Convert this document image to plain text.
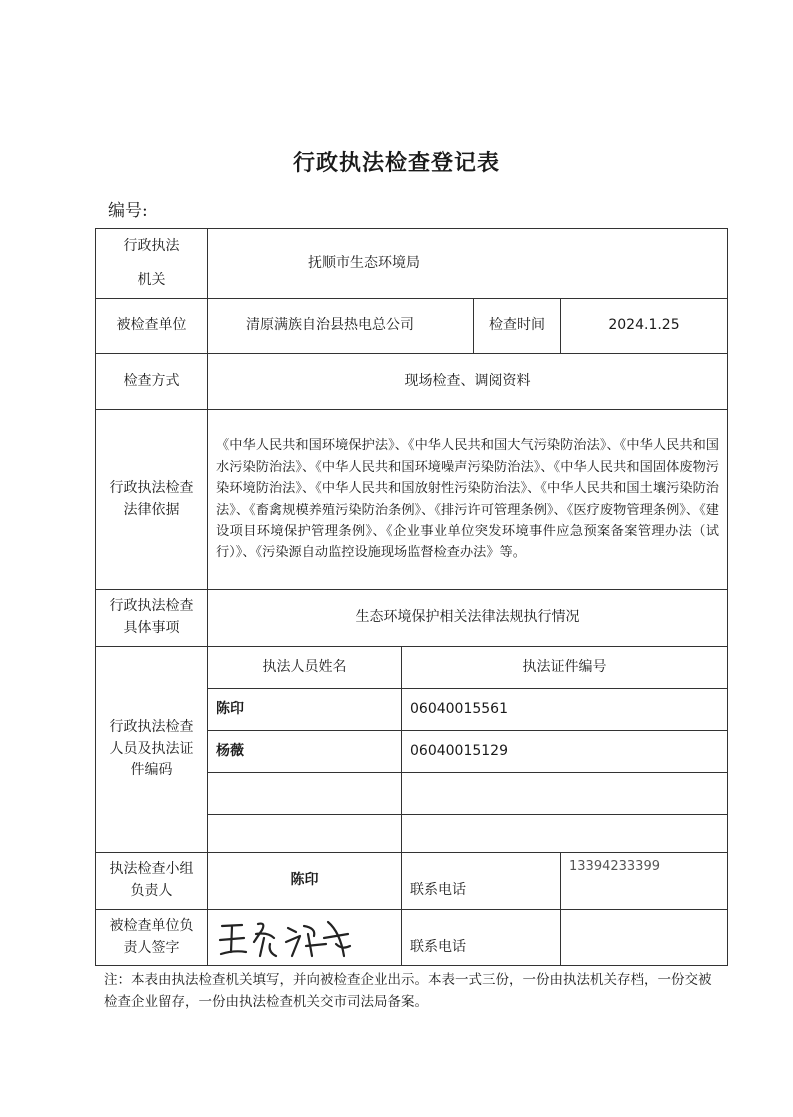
行政执法检查登记表
编号:
行政执法
机关	抚顺市生态环境局			
被检查单位	清原满族自治县热电总公司		检查时间	2024.1.25
检查方式	现场检查、调阅资料			
行政执法检查法律依据	《中华人民共和国环境保护法》、《中华人民共和国大气污染防治法》、《中华人民共和国水污染防治法》、《中华人民共和国环境噪声污染防治法》、《中华人民共和国固体废物污染环境防治法》、《中华人民共和国放射性污染防治法》、《中华人民共和国土壤污染防治法》、《畜禽规模养殖污染防治条例》、《排污许可管理条例》、《医疗废物管理条例》、《建设项目环境保护管理条例》、《企业事业单位突发环境事件应急预案备案管理办法（试行）》、《污染源自动监控设施现场监督检查办法》等。			
行政执法检查具体事项	生态环境保护相关法律法规执行情况			
行政执法检查人员及执法证件编码	执法人员姓名	执法证件编号		
	陈印	06040015561		
	杨薇	06040015129		

执法检查小组负责人	陈印	联系电话		13394233399
被检查单位负责人签字		联系电话		
注：本表由执法检查机关填写，并向被检查企业出示。本表一式三份，一份由执法机关存档，一份交被检查企业留存，一份由执法检查机关交市司法局备案。
